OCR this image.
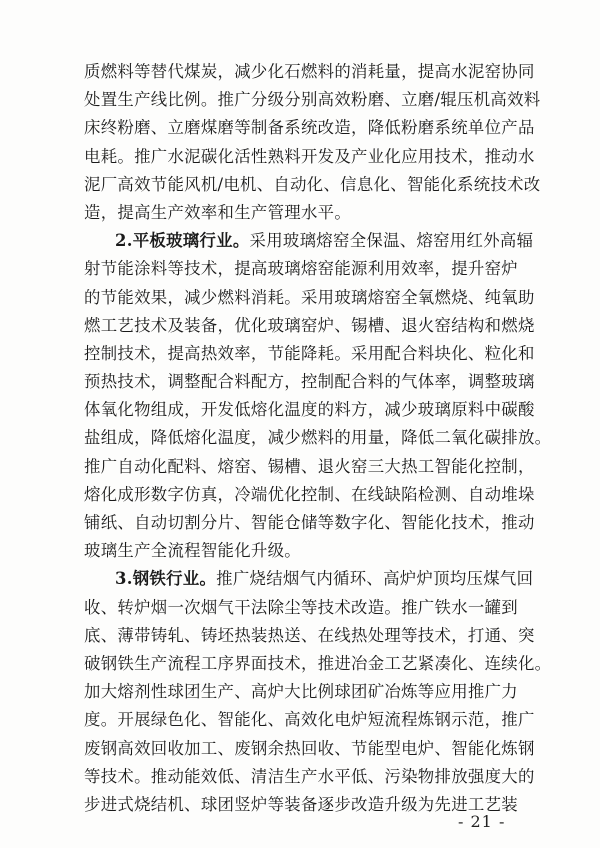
质燃料等替代煤炭，减少化石燃料的消耗量，提高水泥窑协同
处置生产线比例。推广分级分别高效粉磨、立磨/辊压机高效料
床终粉磨、立磨煤磨等制备系统改造，降低粉磨系统单位产品
电耗。推广水泥碳化活性熟料开发及产业化应用技术，推动水
泥厂高效节能风机/电机、自动化、信息化、智能化系统技术改
造，提高生产效率和生产管理水平。
2.平板玻璃行业。采用玻璃熔窑全保温、熔窑用红外高辐
射节能涂料等技术，提高玻璃熔窑能源利用效率，提升窑炉
的节能效果，减少燃料消耗。采用玻璃熔窑全氧燃烧、纯氧助
燃工艺技术及装备，优化玻璃窑炉、锡槽、退火窑结构和燃烧
控制技术，提高热效率，节能降耗。采用配合料块化、粒化和
预热技术，调整配合料配方，控制配合料的气体率，调整玻璃
体氧化物组成，开发低熔化温度的料方，减少玻璃原料中碳酸
盐组成，降低熔化温度，减少燃料的用量，降低二氧化碳排放。
推广自动化配料、熔窑、锡槽、退火窑三大热工智能化控制，
熔化成形数字仿真，冷端优化控制、在线缺陷检测、自动堆垛
铺纸、自动切割分片、智能仓储等数字化、智能化技术，推动
玻璃生产全流程智能化升级。
3.钢铁行业。推广烧结烟气内循环、高炉炉顶均压煤气回
收、转炉烟一次烟气干法除尘等技术改造。推广铁水一罐到
底、薄带铸轧、铸坯热装热送、在线热处理等技术，打通、突
破钢铁生产流程工序界面技术，推进冶金工艺紧凑化、连续化。
加大熔剂性球团生产、高炉大比例球团矿冶炼等应用推广力
度。开展绿色化、智能化、高效化电炉短流程炼钢示范，推广
废钢高效回收加工、废钢余热回收、节能型电炉、智能化炼钢
等技术。推动能效低、清洁生产水平低、污染物排放强度大的
步进式烧结机、球团竖炉等装备逐步改造升级为先进工艺装
- 21 -
